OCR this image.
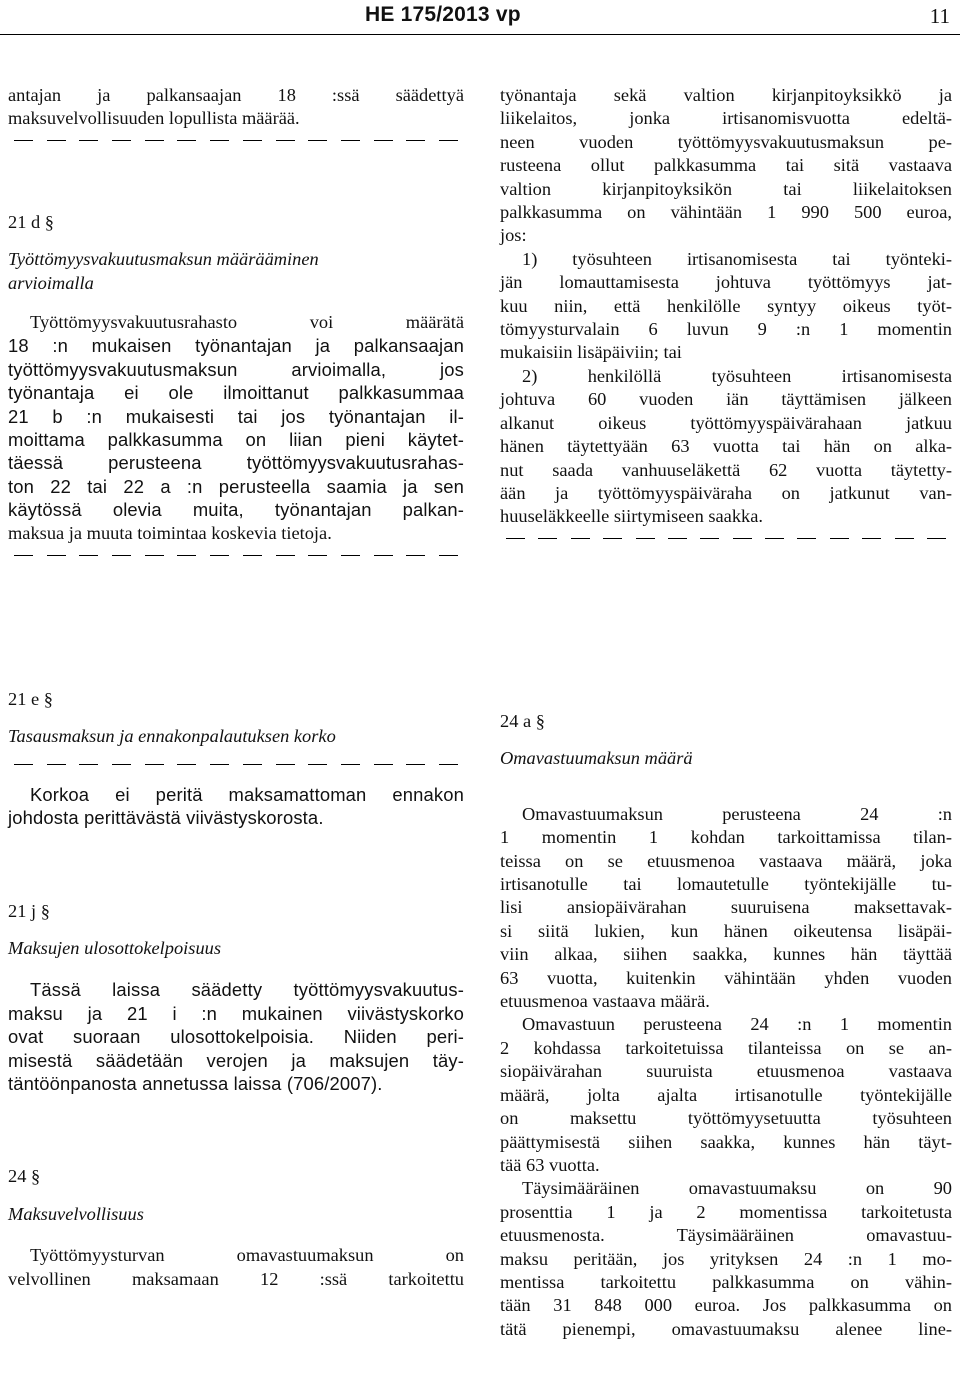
HE 175/2013 vp	11

antajan ja palkansaajan 18 :ssä säädettyä

maksuvelvollisuuden lopullista määrää.

21 d §

Työttömyysvakuutusmaksun määrääminen

arvioimalla

Työttömyysvakuutusrahasto voi määrätä

18 :n mukaisen työnantajan ja palkansaajan

työttömyysvakuutusmaksun arvioimalla, jos

työnantaja ei ole ilmoittanut palkkasummaa

21 b :n mukaisesti tai jos työnantajan il-

moittama palkkasumma on liian pieni käytet-

täessä perusteena työttömyysvakuutusrahas-

ton 22 tai 22 a :n perusteella saamia ja sen

käytössä olevia muita, työnantajan palkan-

maksua ja muuta toimintaa koskevia tietoja.

työnantaja sekä valtion kirjanpitoyksikkö ja

liikelaitos, jonka irtisanomisvuotta edeltä-

neen vuoden työttömyysvakuutusmaksun pe-

rusteena ollut palkkasumma tai sitä vastaava

valtion kirjanpitoyksikön tai liikelaitoksen

palkkasumma on vähintään 1 990 500 euroa,

jos:

1) työsuhteen irtisanomisesta tai työnteki-

jän lomauttamisesta johtuva työttömyys jat-

kuu niin, että henkilölle syntyy oikeus työt-

tömyysturvalain 6 luvun 9 :n 1 momentin

mukaisiin lisäpäiviin; tai

2) henkilöllä työsuhteen irtisanomisesta

johtuva 60 vuoden iän täyttämisen jälkeen

alkanut oikeus työttömyyspäivärahaan jatkuu

hänen täytettyään 63 vuotta tai hän on alka-

nut saada vanhuuseläkettä 62 vuotta täytetty-

ään ja työttömyyspäiväraha on jatkunut van-

huuseläkkeelle siirtymiseen saakka.

21 e §

Tasausmaksun ja ennakonpalautuksen korko

Korkoa ei peritä maksamattoman ennakon

johdosta perittävästä viivästyskorosta.

21 j §

Maksujen ulosottokelpoisuus

Tässä laissa säädetty työttömyysvakuutus-

maksu ja 21 i :n mukainen viivästyskorko

ovat suoraan ulosottokelpoisia. Niiden peri-

misestä säädetään verojen ja maksujen täy-

täntöönpanosta annetussa laissa (706/2007).

24 §

Maksuvelvollisuus

Työttömyysturvan omavastuumaksun on

velvollinen maksamaan 12 :ssä tarkoitettu

24 a §

Omavastuumaksun määrä

Omavastuumaksun perusteena 24 :n

1 momentin 1 kohdan tarkoittamissa tilan-

teissa on se etuusmenoa vastaava määrä, joka

irtisanotulle tai lomautetulle työntekijälle tu-

lisi ansiopäivärahan suuruisena maksettavak-

si siitä lukien, kun hänen oikeutensa lisäpäi-

viin alkaa, siihen saakka, kunnes hän täyttää

63 vuotta, kuitenkin vähintään yhden vuoden

etuusmenoa vastaava määrä.

Omavastuun perusteena 24 :n 1 momentin

2 kohdassa tarkoitetuissa tilanteissa on se an-

siopäivärahan suuruista etuusmenoa vastaava

määrä, jolta ajalta irtisanotulle työntekijälle

on maksettu työttömyysetuutta työsuhteen

päättymisestä siihen saakka, kunnes hän täyt-

tää 63 vuotta.

Täysimääräinen omavastuumaksu on 90

prosenttia 1 ja 2 momentissa tarkoitetusta

etuusmenosta. Täysimääräinen omavastuu-

maksu peritään, jos yrityksen 24 :n 1 mo-

mentissa tarkoitettu palkkasumma on vähin-

tään 31 848 000 euroa. Jos palkkasumma on

tätä pienempi, omavastuumaksu alenee line-
